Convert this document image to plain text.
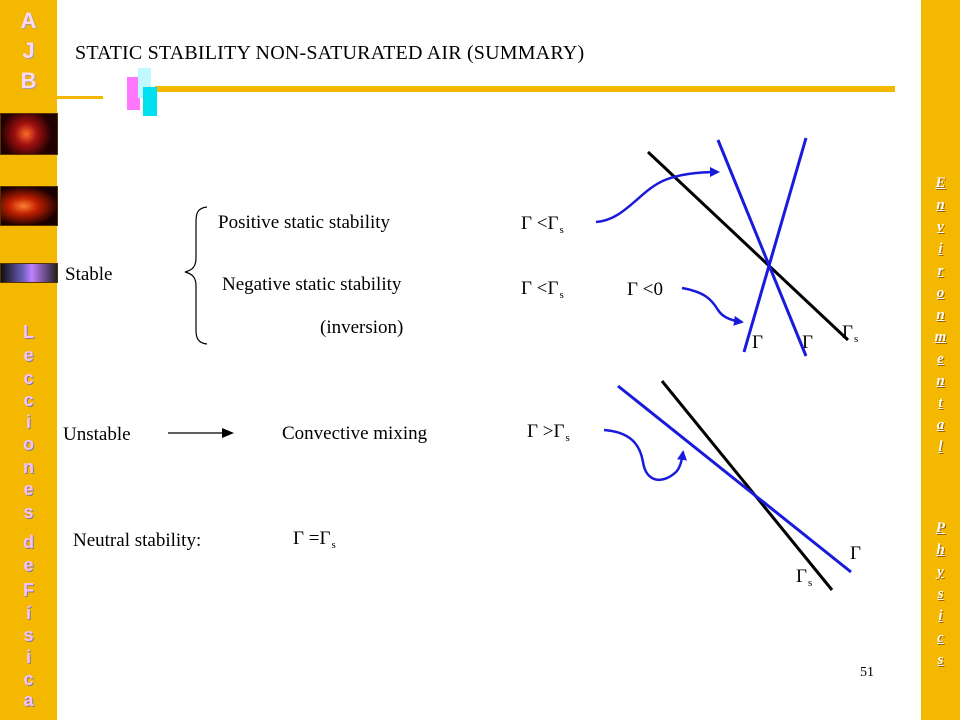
A
J
B
L
e
c
c
i
o
n
e
s
d
e
F
í
s
i
c
a
E
n
v
i
r
o
n
m
e
n
t
a
l
P
h
y
s
i
c
s
STATIC STABILITY NON-SATURATED AIR (SUMMARY)
Stable
Positive static stability
Negative static stability
(inversion)
Unstable	Convective mixing
Neutral stability:
$\Gamma <\Gamma_s$
$\Gamma <\Gamma_s$	Γ <0
$\Gamma >\Gamma_s$
$\Gamma =\Gamma_s$
$\Gamma_s$
Γ Γ
Γ
$\Gamma_s$
51
